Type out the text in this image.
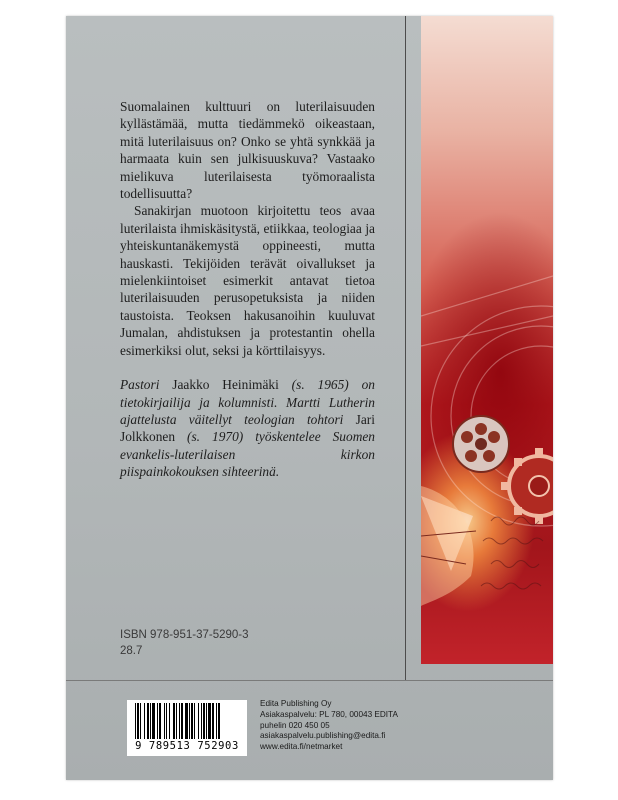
Suomalainen kulttuuri on luterilaisuuden kyllästämää, mutta tiedämmekö oikeastaan, mitä luterilaisuus on? Onko se yhtä synkkää ja harmaata kuin sen julkisuuskuva? Vastaako mielikuva luterilaisesta työmoraalista todellisuutta?

Sanakirjan muotoon kirjoitettu teos avaa luterilaista ihmiskäsitystä, etiikkaa, teologiaa ja yhteiskuntanäkemystä oppineesti, mutta hauskasti. Tekijöiden terävät oivallukset ja mielenkiintoiset esimerkit antavat tietoa luterilaisuuden perusopetuksista ja niiden taustoista. Teoksen hakusanoihin kuuluvat Jumalan, ahdistuksen ja protestantin ohella esimerkiksi olut, seksi ja körttilaisyys.

Pastori Jaakko Heinimäki (s. 1965) on tietokirjailija ja kolumnisti. Martti Lutherin ajattelusta väitellyt teologian tohtori Jari Jolkkonen (s. 1970) työskentelee Suomen evankelis-luterilaisen kirkon piispainkokouksen sihteerinä.

ISBN 978-951-37-5290-3
28.7
9 789513 752903
Edita Publishing Oy
Asiakaspalvelu: PL 780, 00043 EDITA
puhelin 020 450 05
asiakaspalvelu.publishing@edita.fi
www.edita.fi/netmarket
